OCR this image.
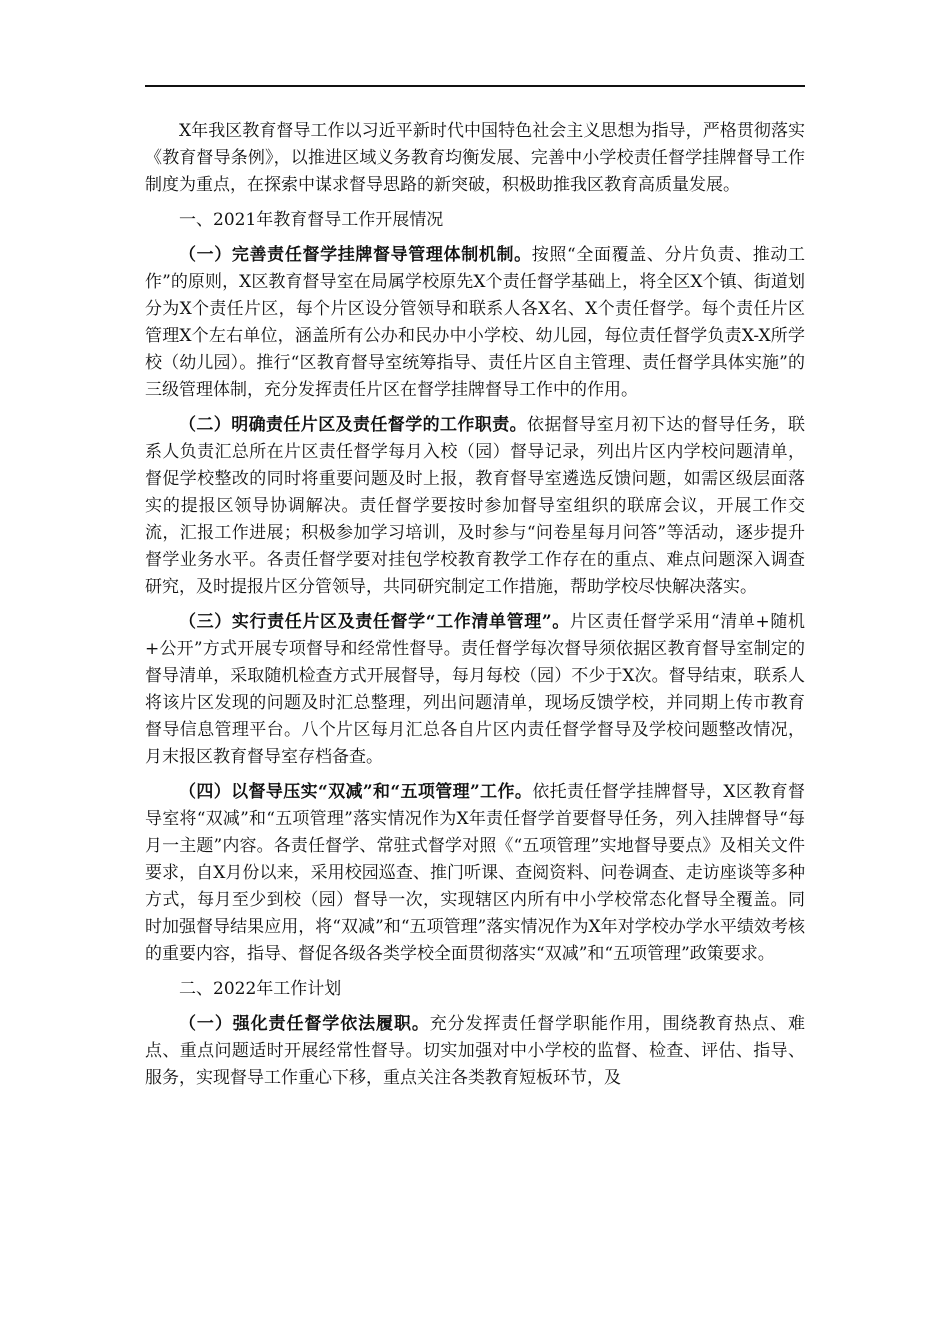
X年我区教育督导工作以习近平新时代中国特色社会主义思想为指导，严格贯彻落实《教育督导条例》，以推进区域义务教育均衡发展、完善中小学校责任督学挂牌督导工作制度为重点，在探索中谋求督导思路的新突破，积极助推我区教育高质量发展。

一、2021年教育督导工作开展情况

（一）完善责任督学挂牌督导管理体制机制。按照“全面覆盖、分片负责、推动工作”的原则，X区教育督导室在局属学校原先X个责任督学基础上，将全区X个镇、街道划分为X个责任片区，每个片区设分管领导和联系人各X名、X个责任督学。每个责任片区管理X个左右单位，涵盖所有公办和民办中小学校、幼儿园，每位责任督学负责X-X所学校（幼儿园）。推行“区教育督导室统筹指导、责任片区自主管理、责任督学具体实施”的三级管理体制，充分发挥责任片区在督学挂牌督导工作中的作用。

（二）明确责任片区及责任督学的工作职责。依据督导室月初下达的督导任务，联系人负责汇总所在片区责任督学每月入校（园）督导记录，列出片区内学校问题清单，督促学校整改的同时将重要问题及时上报，教育督导室遴选反馈问题，如需区级层面落实的提报区领导协调解决。责任督学要按时参加督导室组织的联席会议，开展工作交流，汇报工作进展；积极参加学习培训，及时参与“问卷星每月问答”等活动，逐步提升督学业务水平。各责任督学要对挂包学校教育教学工作存在的重点、难点问题深入调查研究，及时提报片区分管领导，共同研究制定工作措施，帮助学校尽快解决落实。

（三）实行责任片区及责任督学“工作清单管理”。片区责任督学采用“清单+随机+公开”方式开展专项督导和经常性督导。责任督学每次督导须依据区教育督导室制定的督导清单，采取随机检查方式开展督导，每月每校（园）不少于X次。督导结束，联系人将该片区发现的问题及时汇总整理，列出问题清单，现场反馈学校，并同期上传市教育督导信息管理平台。八个片区每月汇总各自片区内责任督学督导及学校问题整改情况，月末报区教育督导室存档备查。

（四）以督导压实“双减”和“五项管理”工作。依托责任督学挂牌督导，X区教育督导室将“双减”和“五项管理”落实情况作为X年责任督学首要督导任务，列入挂牌督导“每月一主题”内容。各责任督学、常驻式督学对照《“五项管理”实地督导要点》及相关文件要求，自X月份以来，采用校园巡查、推门听课、查阅资料、问卷调查、走访座谈等多种方式，每月至少到校（园）督导一次，实现辖区内所有中小学校常态化督导全覆盖。同时加强督导结果应用，将“双减”和“五项管理”落实情况作为X年对学校办学水平绩效考核的重要内容，指导、督促各级各类学校全面贯彻落实“双减”和“五项管理”政策要求。

二、2022年工作计划

（一）强化责任督学依法履职。充分发挥责任督学职能作用，围绕教育热点、难点、重点问题适时开展经常性督导。切实加强对中小学校的监督、检查、评估、指导、服务，实现督导工作重心下移，重点关注各类教育短板环节，及
